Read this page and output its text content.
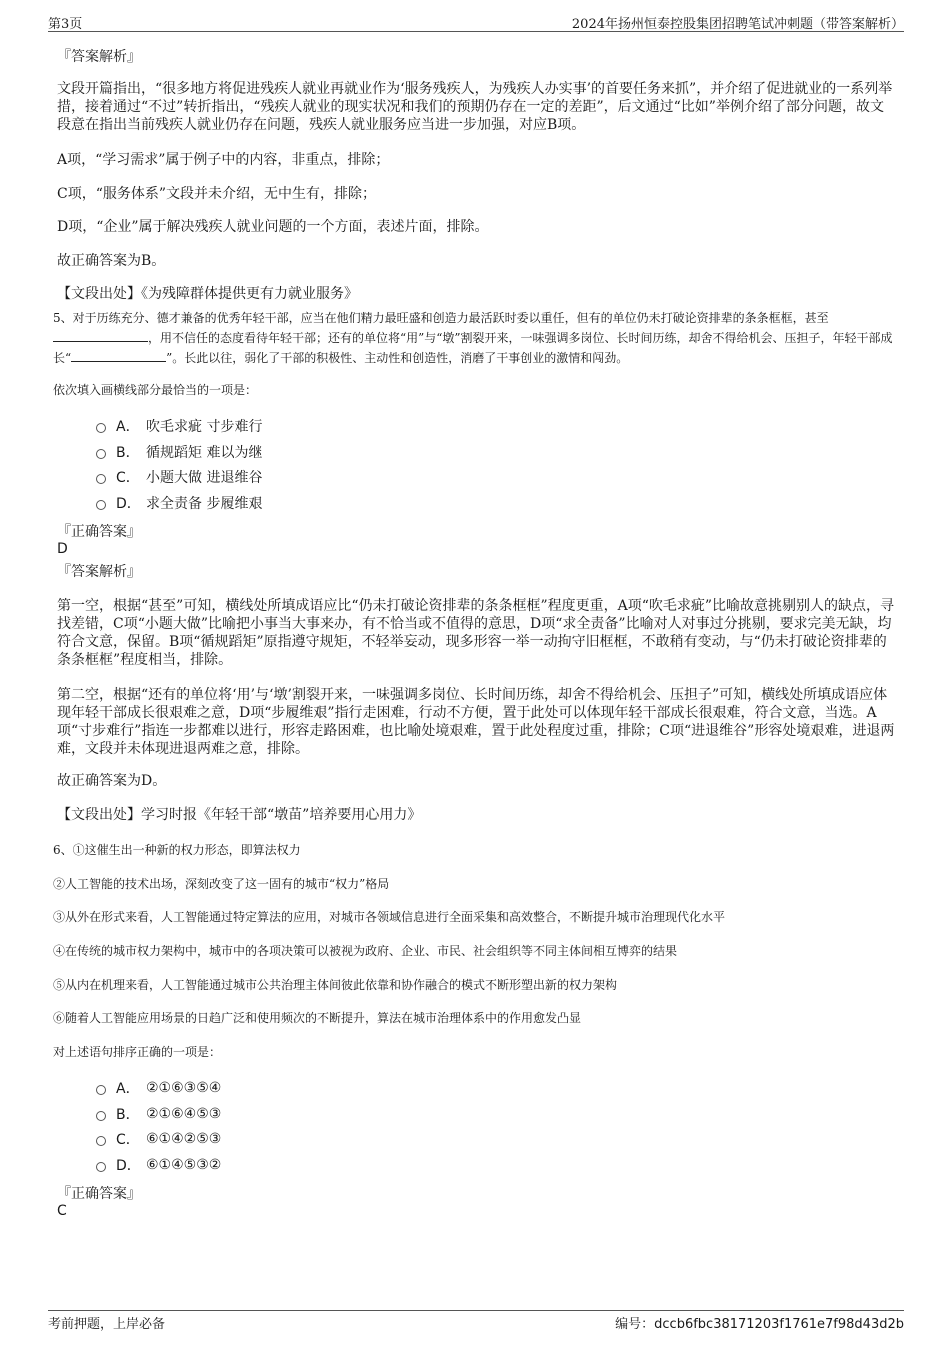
第3页	2024年扬州恒泰控股集团招聘笔试冲刺题（带答案解析）
『答案解析』
文段开篇指出，“很多地方将促进残疾人就业再就业作为‘服务残疾人，为残疾人办实事’的首要任务来抓”，并介绍了促进就业的一系列举措，接着通过“不过”转折指出，“残疾人就业的现实状况和我们的预期仍存在一定的差距”，后文通过“比如”举例介绍了部分问题，故文段意在指出当前残疾人就业仍存在问题，残疾人就业服务应当进一步加强，对应B项。
A项，“学习需求”属于例子中的内容，非重点，排除；
C项，“服务体系”文段并未介绍，无中生有，排除；
D项，“企业”属于解决残疾人就业问题的一个方面，表述片面，排除。
故正确答案为B。
【文段出处】《为残障群体提供更有力就业服务》
5、对于历练充分、德才兼备的优秀年轻干部，应当在他们精力最旺盛和创造力最活跃时委以重任，但有的单位仍未打破论资排辈的条条框框，甚至，用不信任的态度看待年轻干部；还有的单位将“用”与“墩”割裂开来，一味强调多岗位、长时间历练，却舍不得给机会、压担子，年轻干部成长“	”。长此以往，弱化了干部的积极性、主动性和创造性，消磨了干事创业的激情和闯劲。
依次填入画横线部分最恰当的一项是：
A． 吹毛求疵 寸步难行
B． 循规蹈矩 难以为继
C． 小题大做 进退维谷
D． 求全责备 步履维艰
『正确答案』
D
『答案解析』
第一空，根据“甚至”可知，横线处所填成语应比“仍未打破论资排辈的条条框框”程度更重，A项“吹毛求疵”比喻故意挑剔别人的缺点，寻找差错，C项“小题大做”比喻把小事当大事来办，有不恰当或不值得的意思，D项“求全责备”比喻对人对事过分挑剔，要求完美无缺，均符合文意，保留。B项“循规蹈矩”原指遵守规矩，不轻举妄动，现多形容一举一动拘守旧框框，不敢稍有变动，与“仍未打破论资排辈的条条框框”程度相当，排除。
第二空，根据“还有的单位将‘用’与‘墩’割裂开来，一味强调多岗位、长时间历练，却舍不得给机会、压担子”可知，横线处所填成语应体现年轻干部成长很艰难之意，D项“步履维艰”指行走困难，行动不方便，置于此处可以体现年轻干部成长很艰难，符合文意，当选。A项“寸步难行”指连一步都难以进行，形容走路困难，也比喻处境艰难，置于此处程度过重，排除；C项“进退维谷”形容处境艰难，进退两难，文段并未体现进退两难之意，排除。
故正确答案为D。
【文段出处】学习时报《年轻干部“墩苗”培养要用心用力》
6、①这催生出一种新的权力形态，即算法权力
②人工智能的技术出场，深刻改变了这一固有的城市“权力”格局
③从外在形式来看，人工智能通过特定算法的应用，对城市各领域信息进行全面采集和高效整合，不断提升城市治理现代化水平
④在传统的城市权力架构中，城市中的各项决策可以被视为政府、企业、市民、社会组织等不同主体间相互博弈的结果
⑤从内在机理来看，人工智能通过城市公共治理主体间彼此依靠和协作融合的模式不断形塑出新的权力架构
⑥随着人工智能应用场景的日趋广泛和使用频次的不断提升，算法在城市治理体系中的作用愈发凸显
对上述语句排序正确的一项是：
A． ②①⑥③⑤④
B． ②①⑥④⑤③
C． ⑥①④②⑤③
D． ⑥①④⑤③②
『正确答案』
C
考前押题，上岸必备	编号：dccb6fbc38171203f1761e7f98d43d2b
